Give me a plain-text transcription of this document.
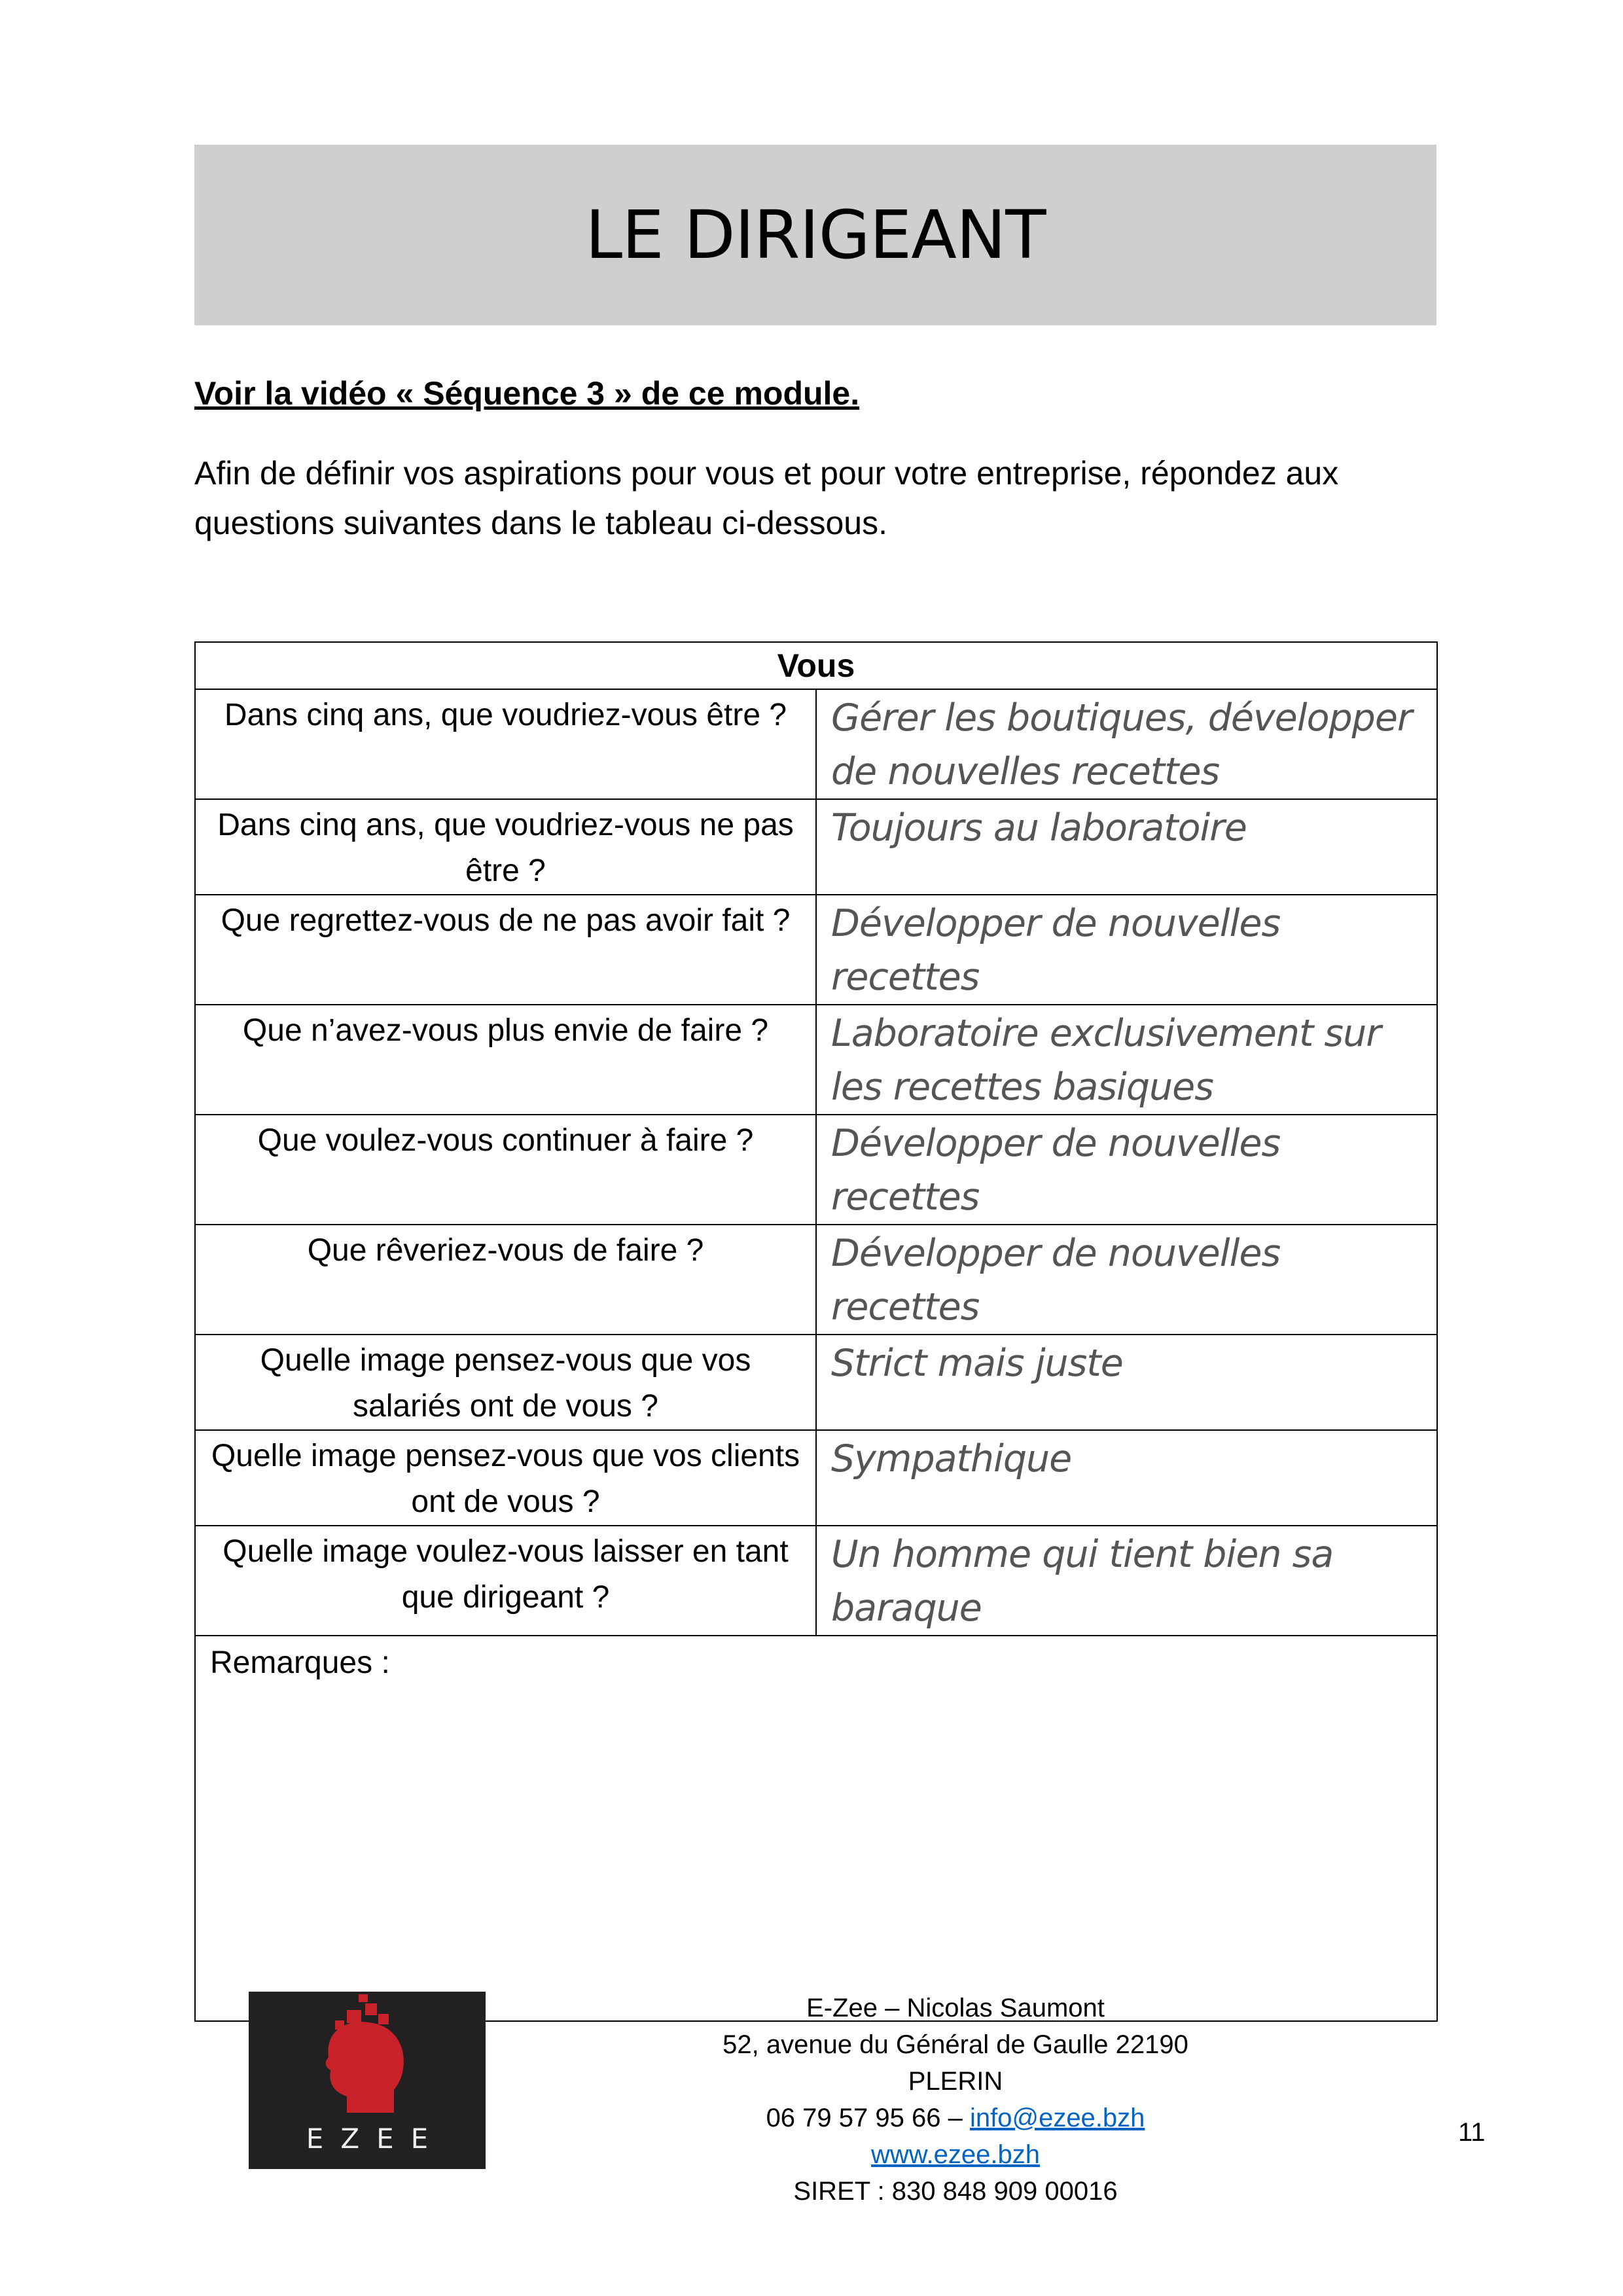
LE DIRIGEANT

Voir la vidéo « Séquence 3 » de ce module.

Afin de définir vos aspirations pour vous et pour votre entreprise, répondez aux questions suivantes dans le tableau ci-dessous.

Vous	
Dans cinq ans, que voudriez-vous être ?	Gérer les boutiques, développer de nouvelles recettes
Dans cinq ans, que voudriez-vous ne pas être ?	Toujours au laboratoire
Que regrettez-vous de ne pas avoir fait ?	Développer de nouvelles recettes
Que n’avez-vous plus envie de faire ?	Laboratoire exclusivement sur les recettes basiques
Que voulez-vous continuer à faire ?	Développer de nouvelles recettes
Que rêveriez-vous de faire ?	Développer de nouvelles recettes
Quelle image pensez-vous que vos salariés ont de vous ?	Strict mais juste
Quelle image pensez-vous que vos clients ont de vous ?	Sympathique
Quelle image voulez-vous laisser en tant que dirigeant ?	Un homme qui tient bien sa baraque
Remarques :	
EZEE
E-Zee – Nicolas Saumont
52, avenue du Général de Gaulle 22190 PLERIN
06 79 57 95 66 – info@ezee.bzh
www.ezee.bzh
SIRET : 830 848 909 00016
11
